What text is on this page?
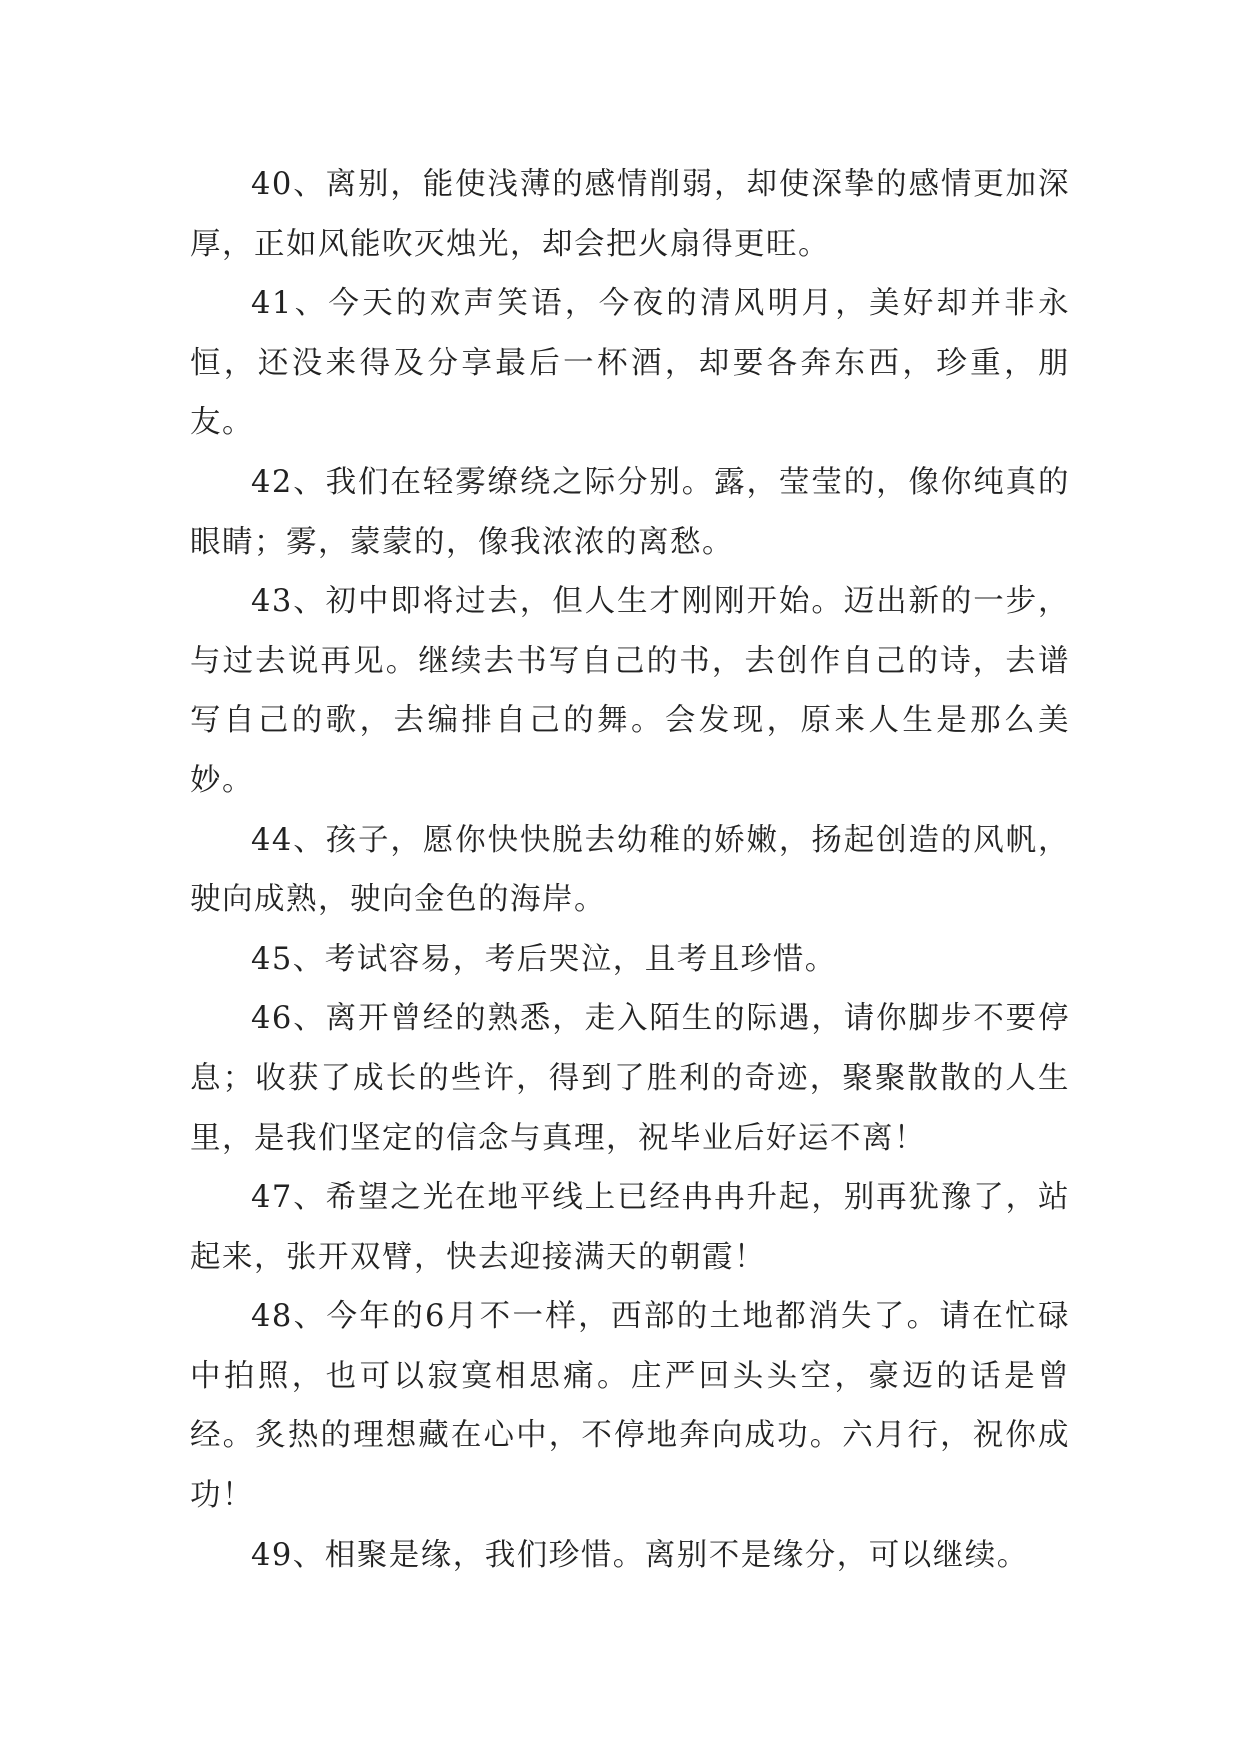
40、离别，能使浅薄的感情削弱，却使深挚的感情更加深厚，正如风能吹灭烛光，却会把火扇得更旺。

41、今天的欢声笑语，今夜的清风明月，美好却并非永恒，还没来得及分享最后一杯酒，却要各奔东西，珍重，朋友。

42、我们在轻雾缭绕之际分别。露，莹莹的，像你纯真的眼睛；雾，蒙蒙的，像我浓浓的离愁。

43、初中即将过去，但人生才刚刚开始。迈出新的一步，与过去说再见。继续去书写自己的书，去创作自己的诗，去谱写自己的歌，去编排自己的舞。会发现，原来人生是那么美妙。

44、孩子，愿你快快脱去幼稚的娇嫩，扬起创造的风帆，驶向成熟，驶向金色的海岸。

45、考试容易，考后哭泣，且考且珍惜。

46、离开曾经的熟悉，走入陌生的际遇，请你脚步不要停息；收获了成长的些许，得到了胜利的奇迹，聚聚散散的人生里，是我们坚定的信念与真理，祝毕业后好运不离！

47、希望之光在地平线上已经冉冉升起，别再犹豫了，站起来，张开双臂，快去迎接满天的朝霞！

48、今年的6月不一样，西部的土地都消失了。请在忙碌中拍照，也可以寂寞相思痛。庄严回头头空，豪迈的话是曾经。炙热的理想藏在心中，不停地奔向成功。六月行，祝你成功！

49、相聚是缘，我们珍惜。离别不是缘分，可以继续。
